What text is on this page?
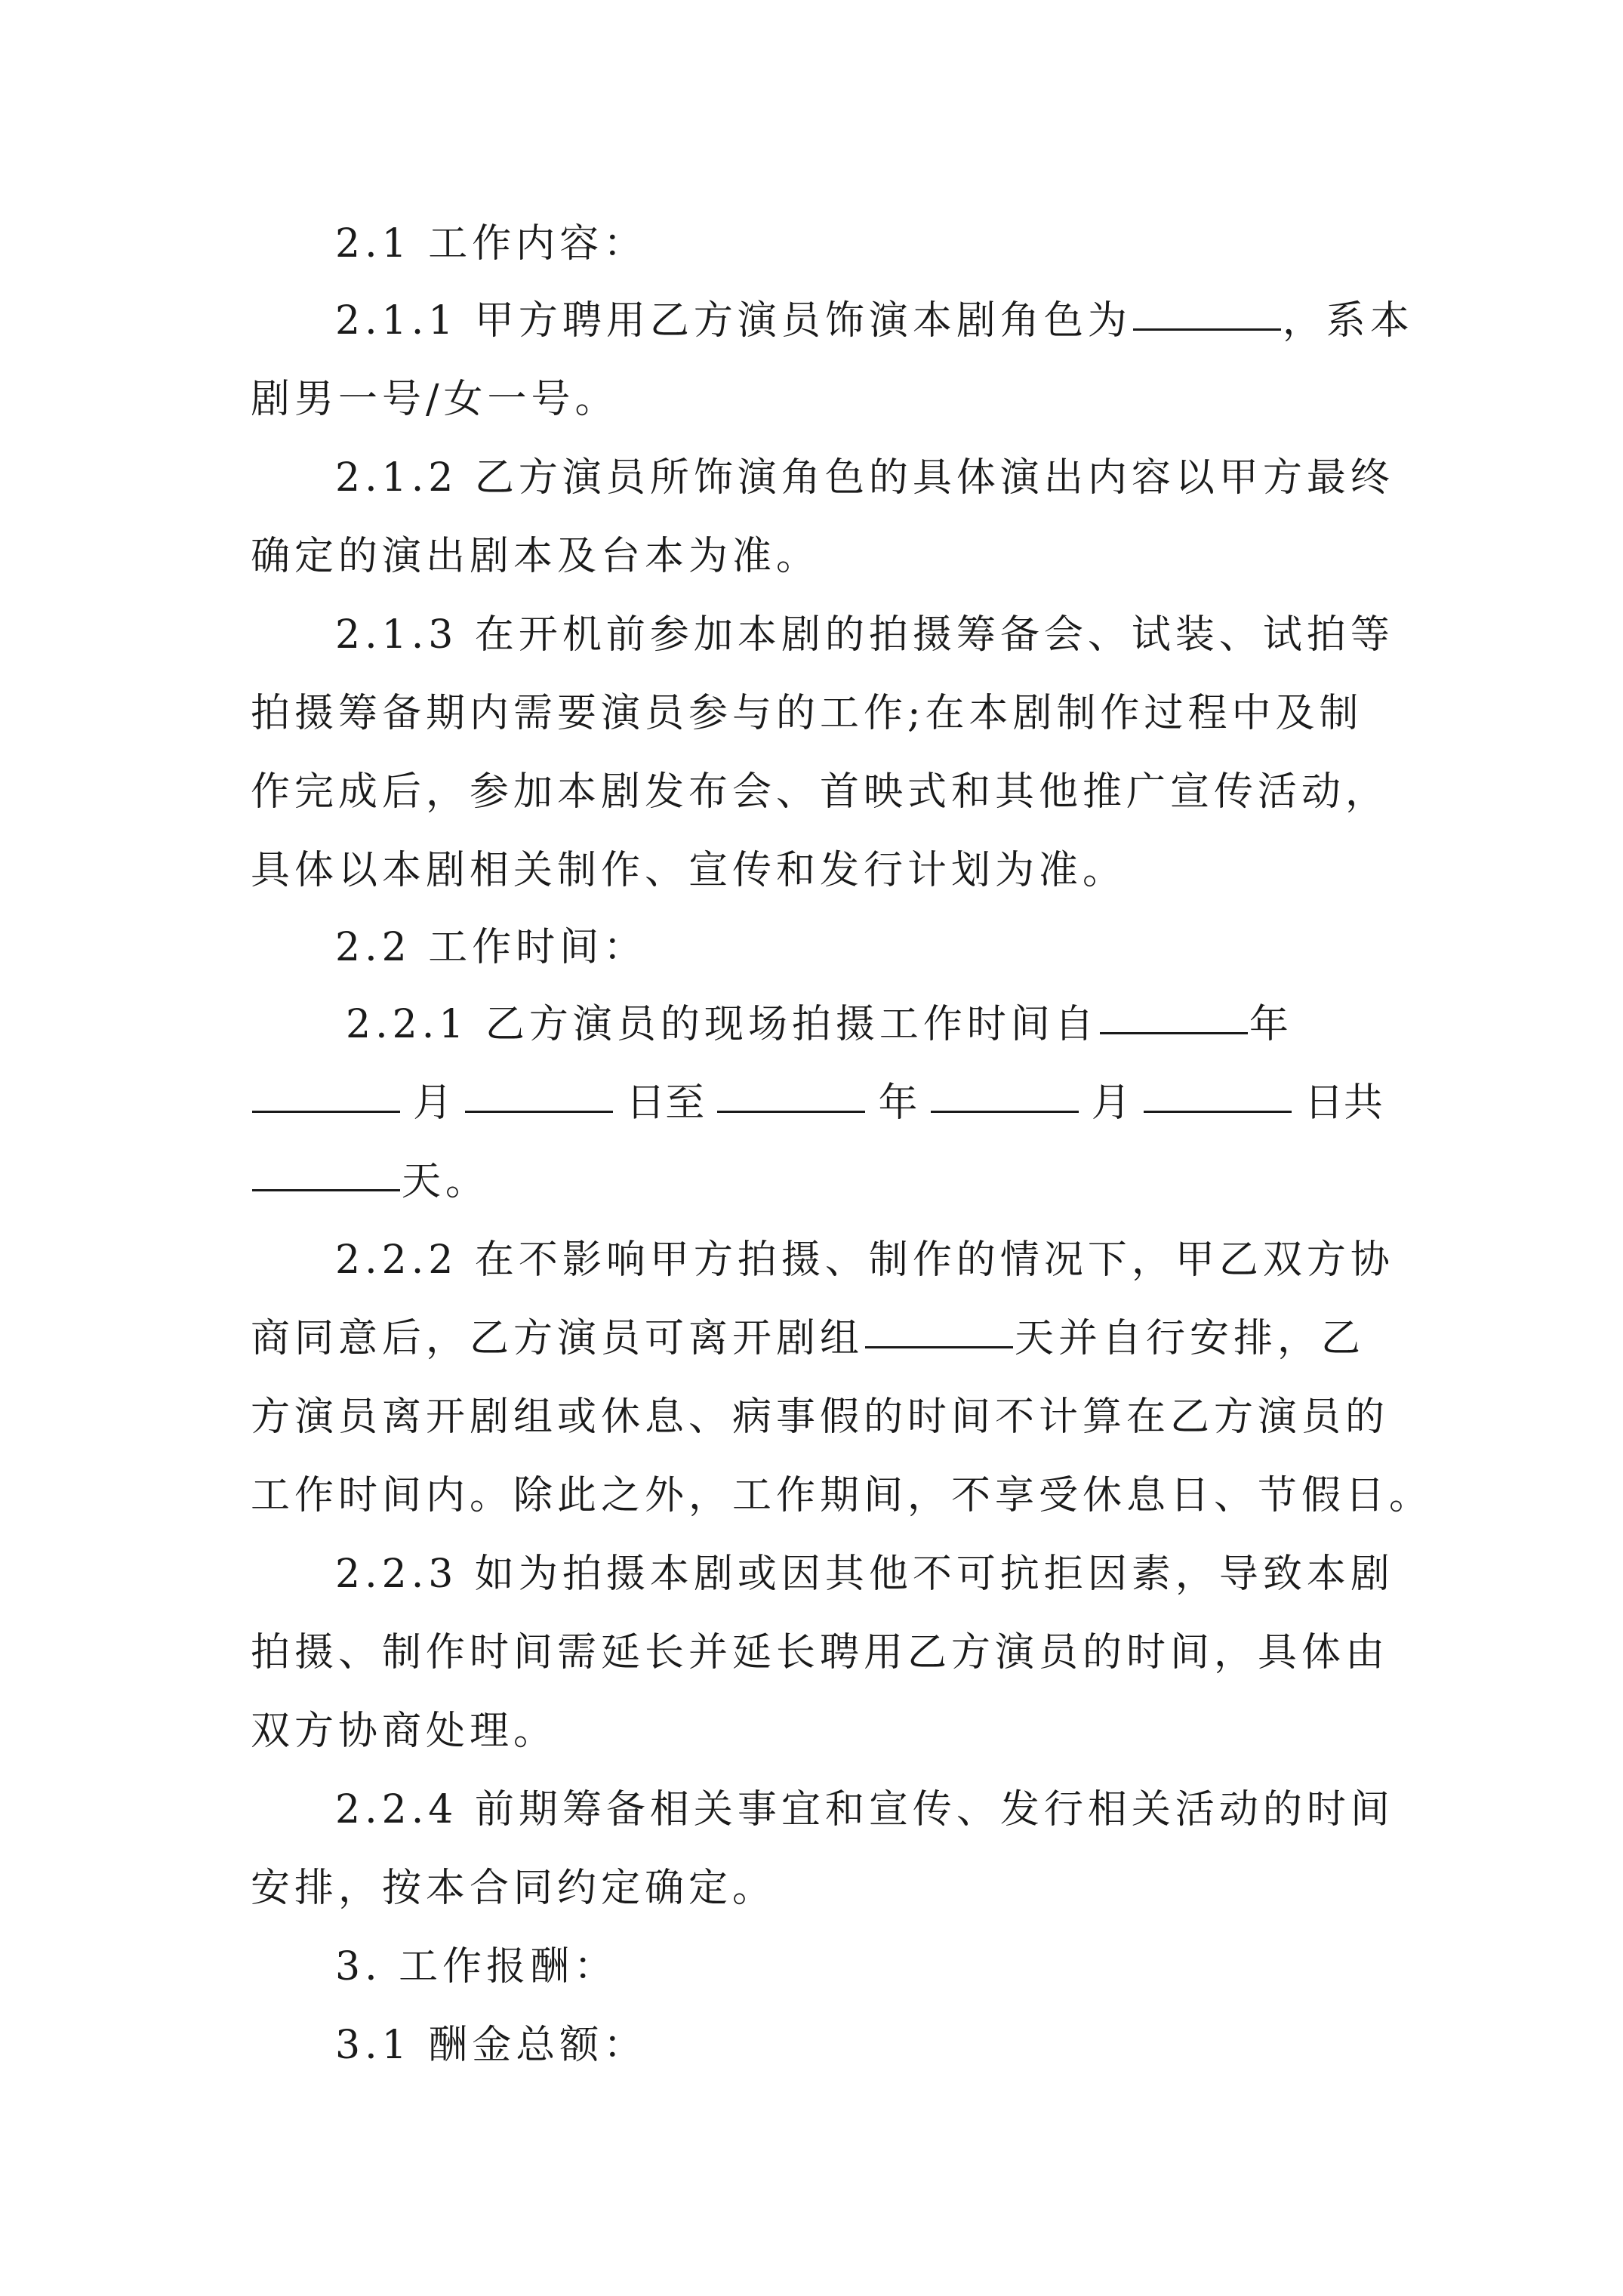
2.1 工作内容：
2.1.1 甲方聘用乙方演员饰演本剧角色为	，系本
剧男一号/女一号。
2.1.2 乙方演员所饰演角色的具体演出内容以甲方最终
确定的演出剧本及台本为准。
2.1.3 在开机前参加本剧的拍摄筹备会、试装、试拍等
拍摄筹备期内需要演员参与的工作;在本剧制作过程中及制
作完成后，参加本剧发布会、首映式和其他推广宣传活动，
具体以本剧相关制作、宣传和发行计划为准。
2.2 工作时间：
2.2.1 乙方演员的现场拍摄工作时间自	年
月	日至	年	月	日共
天。
2.2.2 在不影响甲方拍摄、制作的情况下，甲乙双方协
商同意后，乙方演员可离开剧组	天并自行安排，乙
方演员离开剧组或休息、病事假的时间不计算在乙方演员的
工作时间内。除此之外，工作期间，不享受休息日、节假日。
2.2.3 如为拍摄本剧或因其他不可抗拒因素，导致本剧
拍摄、制作时间需延长并延长聘用乙方演员的时间，具体由
双方协商处理。
2.2.4 前期筹备相关事宜和宣传、发行相关活动的时间
安排，按本合同约定确定。
3. 工作报酬：
3.1 酬金总额：
